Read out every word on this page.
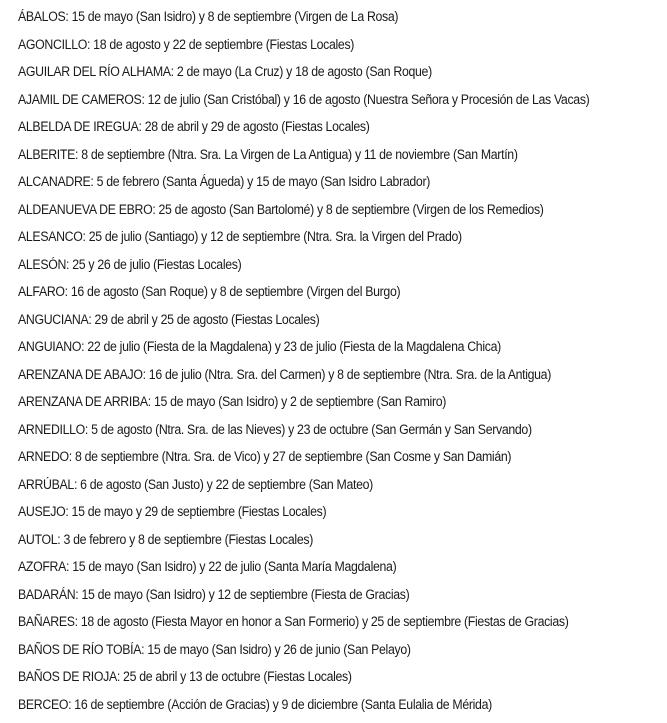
ÁBALOS: 15 de mayo (San Isidro) y 8 de septiembre (Virgen de La Rosa)
AGONCILLO: 18 de agosto y 22 de septiembre (Fiestas Locales)
AGUILAR DEL RÍO ALHAMA: 2 de mayo (La Cruz) y 18 de agosto (San Roque)
AJAMIL DE CAMEROS: 12 de julio (San Cristóbal) y 16 de agosto (Nuestra Señora y Procesión de Las Vacas)
ALBELDA DE IREGUA: 28 de abril y 29 de agosto (Fiestas Locales)
ALBERITE: 8 de septiembre (Ntra. Sra. La Virgen de La Antigua) y 11 de noviembre (San Martín)
ALCANADRE: 5 de febrero (Santa Águeda) y 15 de mayo (San Isidro Labrador)
ALDEANUEVA DE EBRO: 25 de agosto (San Bartolomé) y 8 de septiembre (Virgen de los Remedios)
ALESANCO: 25 de julio (Santiago) y 12 de septiembre (Ntra. Sra. la Virgen del Prado)
ALESÓN: 25 y 26 de julio (Fiestas Locales)
ALFARO: 16 de agosto (San Roque) y 8 de septiembre (Virgen del Burgo)
ANGUCIANA: 29 de abril y 25 de agosto (Fiestas Locales)
ANGUIANO: 22 de julio (Fiesta de la Magdalena) y 23 de julio (Fiesta de la Magdalena Chica)
ARENZANA DE ABAJO: 16 de julio (Ntra. Sra. del Carmen) y 8 de septiembre (Ntra. Sra. de la Antigua)
ARENZANA DE ARRIBA: 15 de mayo (San Isidro) y 2 de septiembre (San Ramiro)
ARNEDILLO: 5 de agosto (Ntra. Sra. de las Nieves) y 23 de octubre (San Germán y San Servando)
ARNEDO: 8 de septiembre (Ntra. Sra. de Vico) y 27 de septiembre (San Cosme y San Damián)
ARRÚBAL: 6 de agosto (San Justo) y 22 de septiembre (San Mateo)
AUSEJO: 15 de mayo y 29 de septiembre (Fiestas Locales)
AUTOL: 3 de febrero y 8 de septiembre (Fiestas Locales)
AZOFRA: 15 de mayo (San Isidro) y 22 de julio (Santa María Magdalena)
BADARÁN: 15 de mayo (San Isidro) y 12 de septiembre (Fiesta de Gracias)
BAÑARES: 18 de agosto (Fiesta Mayor en honor a San Formerio) y 25 de septiembre (Fiestas de Gracias)
BAÑOS DE RÍO TOBÍA: 15 de mayo (San Isidro) y 26 de junio (San Pelayo)
BAÑOS DE RIOJA: 25 de abril y 13 de octubre (Fiestas Locales)
BERCEO: 16 de septiembre (Acción de Gracias) y 9 de diciembre (Santa Eulalia de Mérida)
